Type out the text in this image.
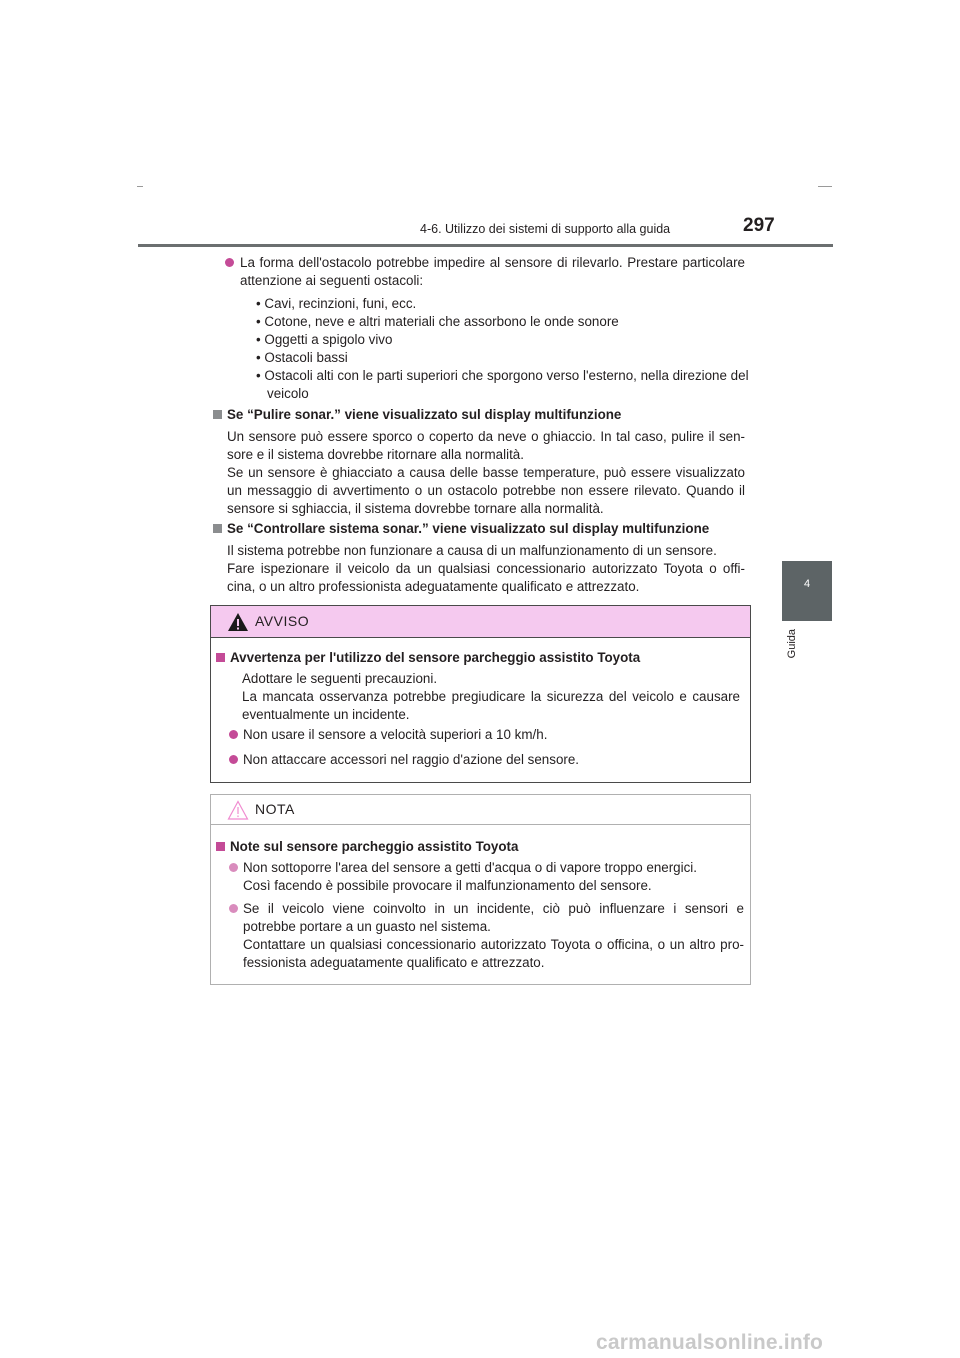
4-6. Utilizzo dei sistemi di supporto alla guida	297
4
Guida
La forma dell'ostacolo potrebbe impedire al sensore di rilevarlo. Prestare particolare
attenzione ai seguenti ostacoli:
• Cavi, recinzioni, funi, ecc.
• Cotone, neve e altri materiali che assorbono le onde sonore
• Oggetti a spigolo vivo
• Ostacoli bassi
• Ostacoli alti con le parti superiori che sporgono verso l'esterno, nella direzione del
veicolo
Se “Pulire sonar.” viene visualizzato sul display multifunzione
Un sensore può essere sporco o coperto da neve o ghiaccio. In tal caso, pulire il sen-
sore e il sistema dovrebbe ritornare alla normalità.
Se un sensore è ghiacciato a causa delle basse temperature, può essere visualizzato
un messaggio di avvertimento o un ostacolo potrebbe non essere rilevato. Quando il
sensore si sghiaccia, il sistema dovrebbe tornare alla normalità.
Se “Controllare sistema sonar.” viene visualizzato sul display multifunzione
Il sistema potrebbe non funzionare a causa di un malfunzionamento di un sensore.
Fare ispezionare il veicolo da un qualsiasi concessionario autorizzato Toyota o offi-
cina, o un altro professionista adeguatamente qualificato e attrezzato.
AVVISO
Avvertenza per l'utilizzo del sensore parcheggio assistito Toyota
Adottare le seguenti precauzioni.
La mancata osservanza potrebbe pregiudicare la sicurezza del veicolo e causare
eventualmente un incidente.
Non usare il sensore a velocità superiori a 10 km/h.
Non attaccare accessori nel raggio d'azione del sensore.
NOTA
Note sul sensore parcheggio assistito Toyota
Non sottoporre l'area del sensore a getti d'acqua o di vapore troppo energici.
Così facendo è possibile provocare il malfunzionamento del sensore.
Se il veicolo viene coinvolto in un incidente, ciò può influenzare i sensori e
potrebbe portare a un guasto nel sistema.
Contattare un qualsiasi concessionario autorizzato Toyota o officina, o un altro pro-
fessionista adeguatamente qualificato e attrezzato.
carmanualsonline.info
